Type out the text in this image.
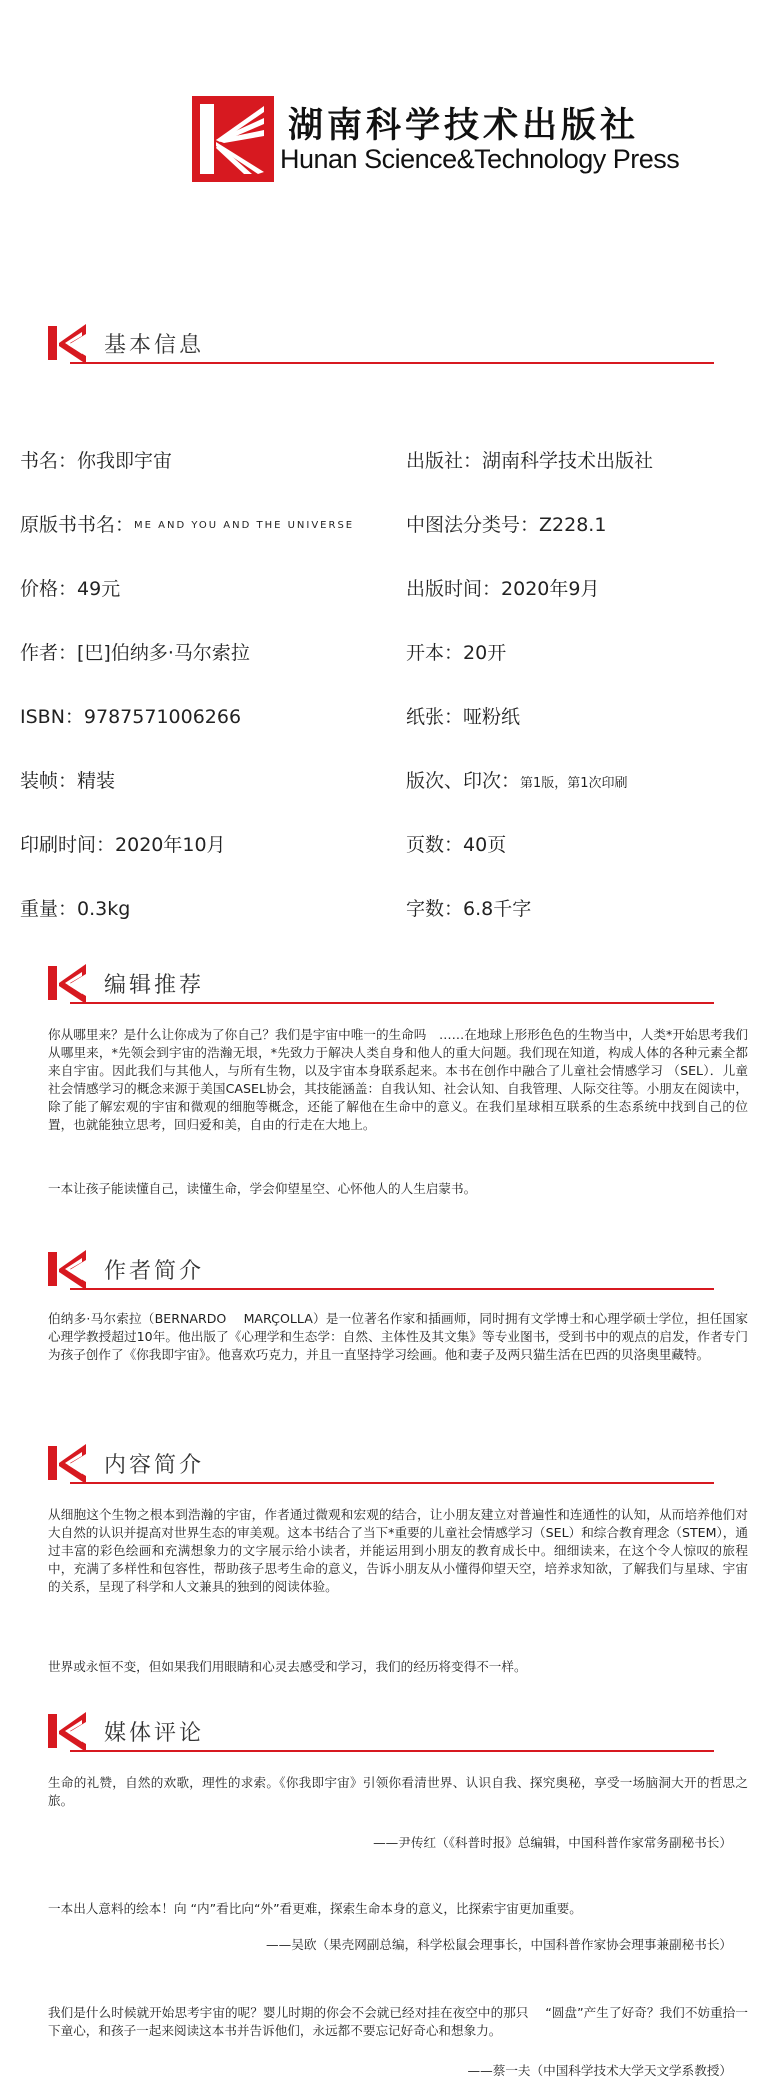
湖南科学技术出版社
Hunan Science&Technology Press
基本信息
书名：你我即宇宙	出版社：湖南科学技术出版社
原版书书名：ME AND YOU AND THE UNIVERSE	中图法分类号：Z228.1
价格：49元	出版时间：2020年9月
作者：[巴]伯纳多·马尔索拉	开本：20开
ISBN：9787571006266	纸张：哑粉纸
装帧：精装	版次、印次：第1版，第1次印刷
印刷时间：2020年10月	页数：40页
重量：0.3kg	字数：6.8千字
编辑推荐
你从哪里来？是什么让你成为了你自己？我们是宇宙中唯一的生命吗　……在地球上形形色色的生物当中，人类*开始思考我们从哪里来，*先领会到宇宙的浩瀚无垠，*先致力于解决人类自身和他人的重大问题。我们现在知道，构成人体的各种元素全都来自宇宙。因此我们与其他人，与所有生物，以及宇宙本身联系起来。本书在创作中融合了儿童社会情感学习 （SEL）．儿童社会情感学习的概念来源于美国CASEL协会，其技能涵盖：自我认知、社会认知、自我管理、人际交往等。小朋友在阅读中，除了能了解宏观的宇宙和微观的细胞等概念，还能了解他在生命中的意义。在我们星球相互联系的生态系统中找到自己的位置，也就能独立思考，回归爱和美，自由的行走在大地上。
一本让孩子能读懂自己，读懂生命，学会仰望星空、心怀他人的人生启蒙书。
作者简介
伯纳多·马尔索拉（BERNARDO　 MARÇOLLA）是一位著名作家和插画师，同时拥有文学博士和心理学硕士学位，担任国家心理学教授超过10年。他出版了《心理学和生态学：自然、主体性及其文集》等专业图书，受到书中的观点的启发，作者专门为孩子创作了《你我即宇宙》。他喜欢巧克力，并且一直坚持学习绘画。他和妻子及两只猫生活在巴西的贝洛奥里藏特。
内容简介
从细胞这个生物之根本到浩瀚的宇宙，作者通过微观和宏观的结合，让小朋友建立对普遍性和连通性的认知，从而培养他们对大自然的认识并提高对世界生态的审美观。这本书结合了当下*重要的儿童社会情感学习（SEL）和综合教育理念（STEM），通过丰富的彩色绘画和充满想象力的文字展示给小读者，并能运用到小朋友的教育成长中。细细读来，在这个令人惊叹的旅程中，充满了多样性和包容性，帮助孩子思考生命的意义，告诉小朋友从小懂得仰望天空，培养求知欲，了解我们与星球、宇宙的关系，呈现了科学和人文兼具的独到的阅读体验。
世界或永恒不变，但如果我们用眼睛和心灵去感受和学习，我们的经历将变得不一样。
媒体评论
生命的礼赞，自然的欢歌，理性的求索。《你我即宇宙》引领你看清世界、认识自我、探究奥秘，享受一场脑洞大开的哲思之旅。
——尹传红（《科普时报》总编辑，中国科普作家常务副秘书长）
一本出人意料的绘本！向 “内”看比向“外”看更难，探索生命本身的意义，比探索宇宙更加重要。
——吴欧（果壳网副总编，科学松鼠会理事长，中国科普作家协会理事兼副秘书长）
我们是什么时候就开始思考宇宙的呢？婴儿时期的你会不会就已经对挂在夜空中的那只　 “圆盘”产生了好奇？我们不妨重拾一下童心，和孩子一起来阅读这本书并告诉他们，永远都不要忘记好奇心和想象力。
——蔡一夫（中国科学技术大学天文学系教授）
